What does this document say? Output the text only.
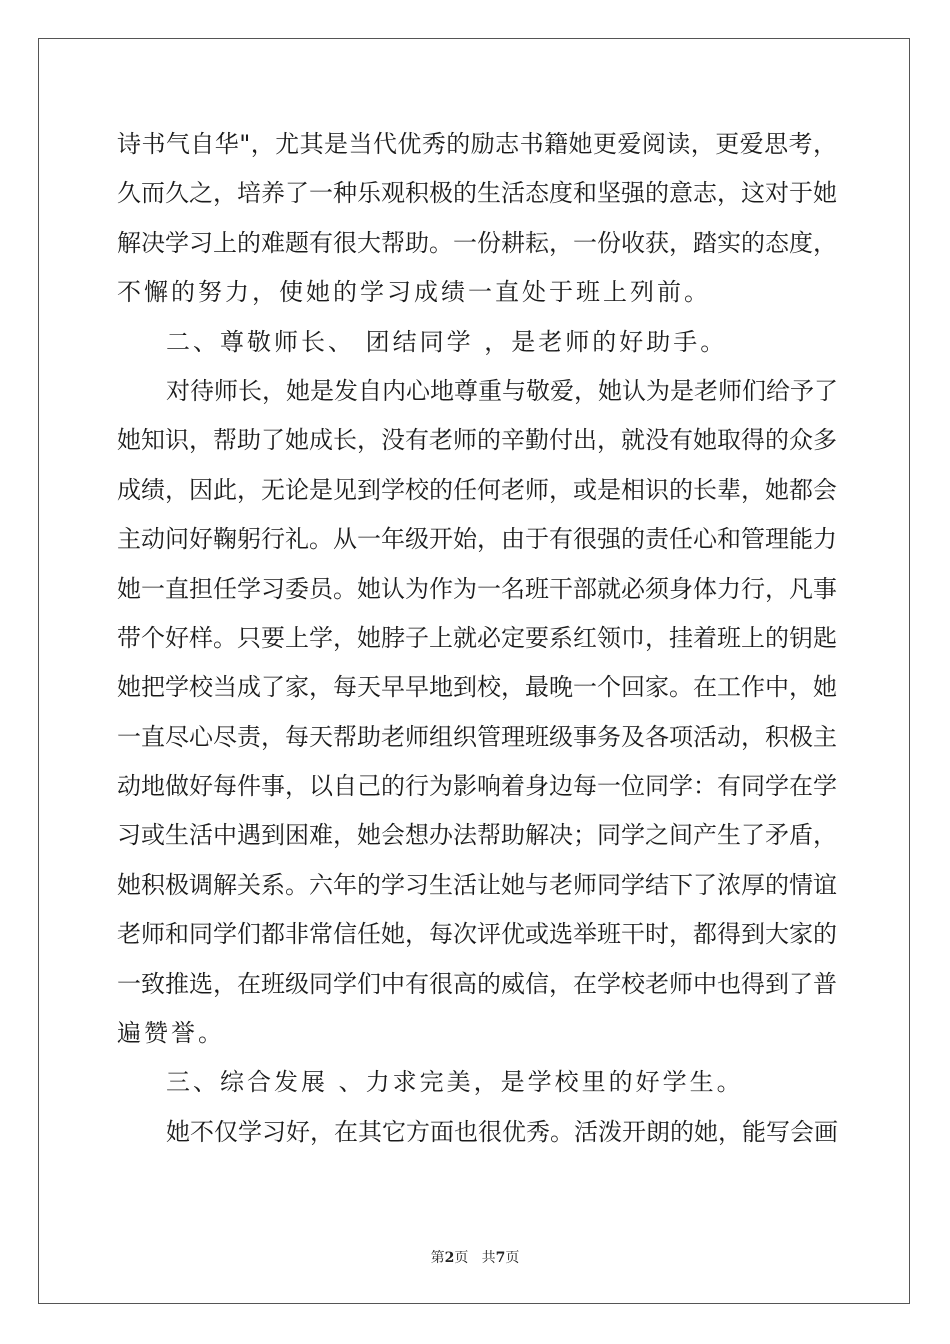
诗书气自华"，尤其是当代优秀的励志书籍她更爱阅读，更爱思考，
久而久之，培养了一种乐观积极的生活态度和坚强的意志，这对于她
解决学习上的难题有很大帮助。一份耕耘，一份收获，踏实的态度，
不懈的努力，使她的学习成绩一直处于班上列前。
二、尊敬师长、 团结同学 ，是老师的好助手。
对待师长，她是发自内心地尊重与敬爱，她认为是老师们给予了
她知识，帮助了她成长，没有老师的辛勤付出，就没有她取得的众多
成绩，因此，无论是见到学校的任何老师，或是相识的长辈，她都会
主动问好鞠躬行礼。从一年级开始，由于有很强的责任心和管理能力
她一直担任学习委员。她认为作为一名班干部就必须身体力行，凡事
带个好样。只要上学，她脖子上就必定要系红领巾，挂着班上的钥匙
她把学校当成了家，每天早早地到校，最晚一个回家。在工作中，她
一直尽心尽责，每天帮助老师组织管理班级事务及各项活动，积极主
动地做好每件事，以自己的行为影响着身边每一位同学：有同学在学
习或生活中遇到困难，她会想办法帮助解决；同学之间产生了矛盾，
她积极调解关系。六年的学习生活让她与老师同学结下了浓厚的情谊
老师和同学们都非常信任她，每次评优或选举班干时，都得到大家的
一致推选，在班级同学们中有很高的威信，在学校老师中也得到了普
遍赞誉。
三、综合发展 、力求完美，是学校里的好学生。
她不仅学习好，在其它方面也很优秀。活泼开朗的她，能写会画
第2页 共7页
